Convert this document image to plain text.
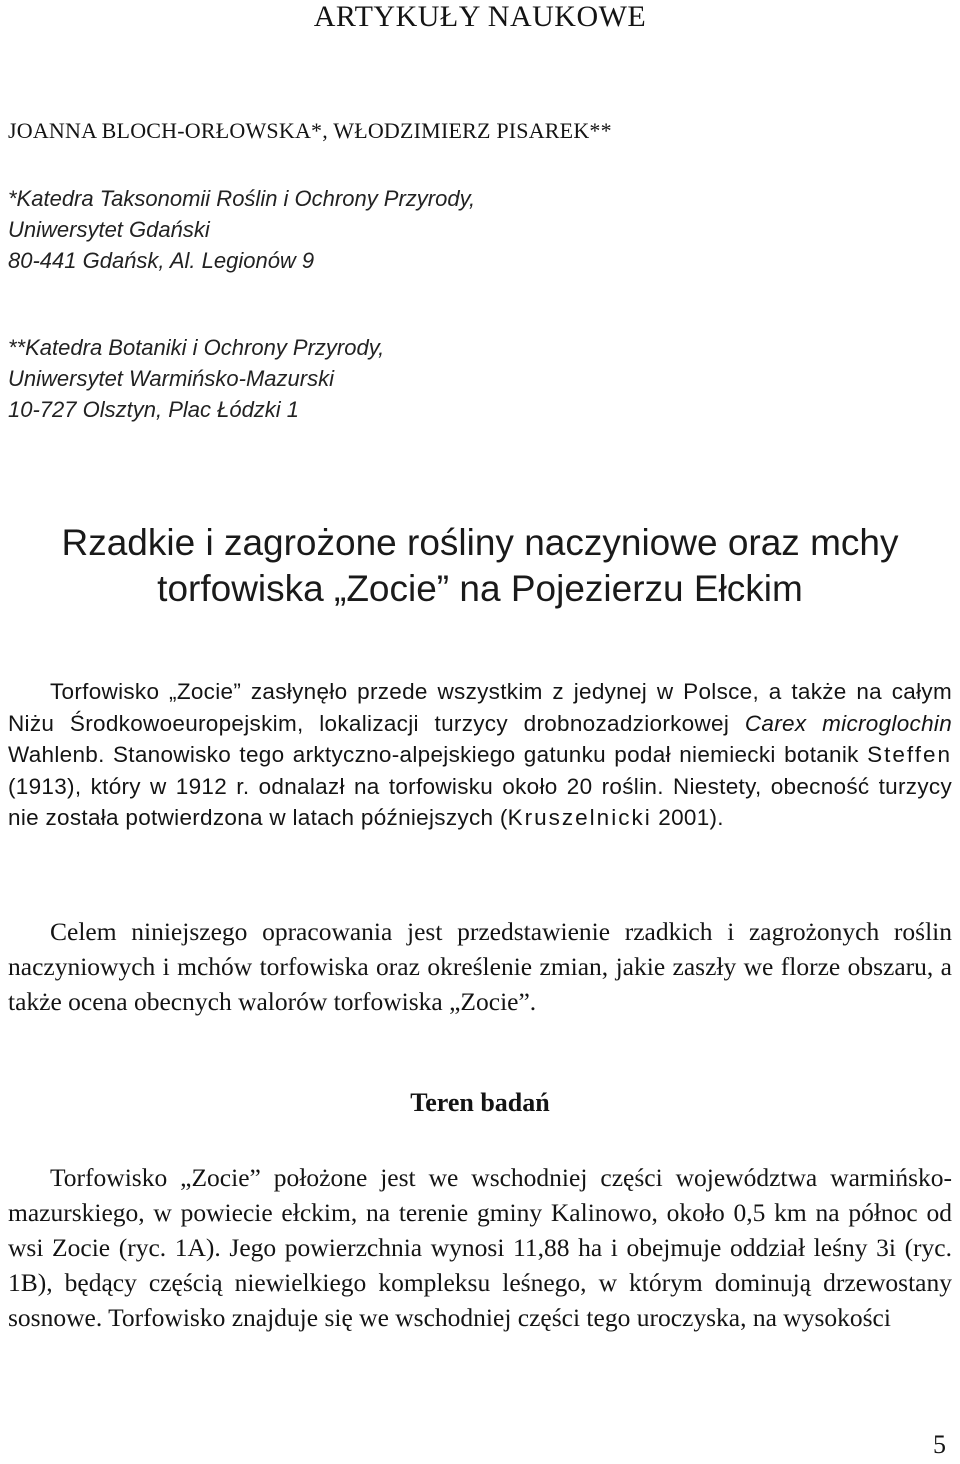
ARTYKUŁY NAUKOWE
JOANNA BLOCH-ORŁOWSKA*, WŁODZIMIERZ PISAREK**
*Katedra Taksonomii Roślin i Ochrony Przyrody,
Uniwersytet Gdański
80-441 Gdańsk, Al. Legionów 9
**Katedra Botaniki i Ochrony Przyrody,
Uniwersytet Warmińsko-Mazurski
10-727 Olsztyn, Plac Łódzki 1
Rzadkie i zagrożone rośliny naczyniowe oraz mchy
torfowiska „Zocie” na Pojezierzu Ełckim

Torfowisko „Zocie” zasłynęło przede wszystkim z jedynej w Polsce, a także na całym Niżu Środkowoeuropejskim, lokalizacji turzycy drobnozadziorkowej Carex microglochin Wahlenb. Stanowisko tego arktyczno-alpejskiego gatunku podał niemiecki botanik Steffen (1913), który w 1912 r. odnalazł na torfowisku około 20 roślin. Niestety, obecność turzycy nie została potwierdzona w latach późniejszych (Kruszelnicki 2001).

Celem niniejszego opracowania jest przedstawienie rzadkich i zagrożonych roślin naczyniowych i mchów torfowiska oraz określenie zmian, jakie zaszły we florze obszaru, a także ocena obecnych walorów torfowiska „Zocie”.

Teren badań

Torfowisko „Zocie” położone jest we wschodniej części województwa warmińsko-mazurskiego, w powiecie ełckim, na terenie gminy Kalinowo, około 0,5 km na północ od wsi Zocie (ryc. 1A). Jego powierzchnia wynosi 11,88 ha i obejmuje oddział leśny 3i (ryc. 1B), będący częścią niewielkiego kompleksu leśnego, w którym dominują drzewostany sosnowe. Torfowisko znajduje się we wschodniej części tego uroczyska, na wysokości

5
